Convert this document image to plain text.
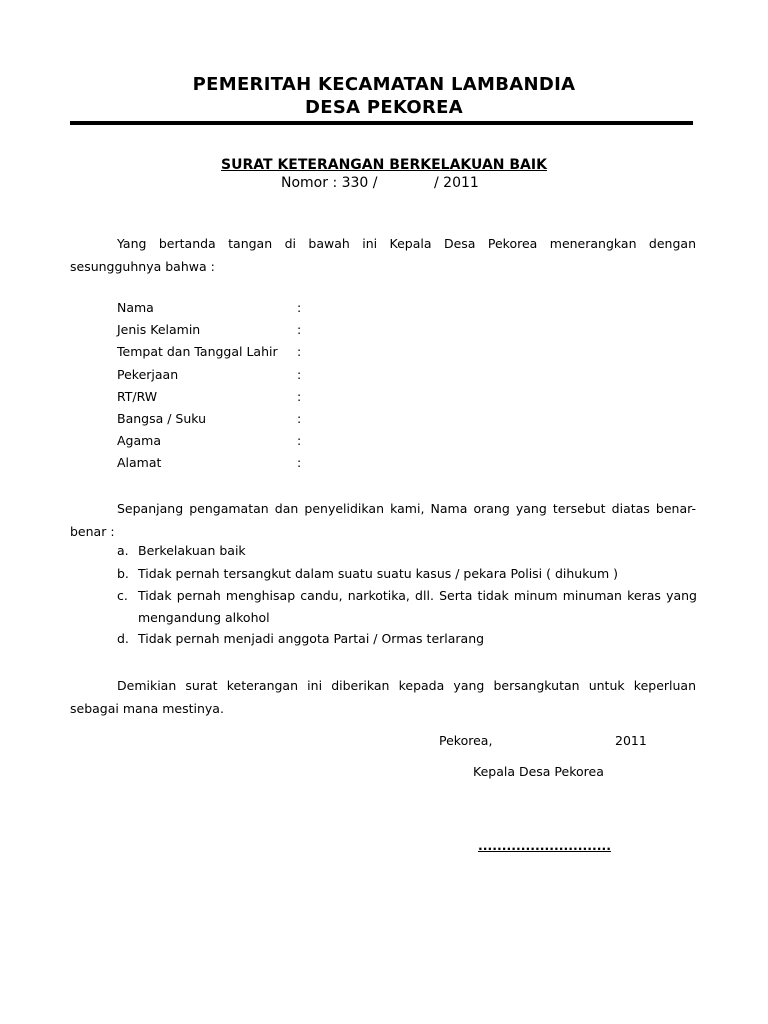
PEMERITAH KECAMATAN LAMBANDIA
DESA PEKOREA
SURAT KETERANGAN BERKELAKUAN BAIK
Nomor : 330 /	/ 2011
Yang bertanda tangan di bawah ini Kepala Desa Pekorea menerangkan dengan sesungguhnya bahwa :
Nama	:
Jenis Kelamin	:
Tempat dan Tanggal Lahir :
Pekerjaan	:
RT/RW	:
Bangsa / Suku	:
Agama	:
Alamat	:
Sepanjang pengamatan dan penyelidikan kami, Nama orang yang tersebut diatas benar-benar :
a. Berkelakuan baik
b. Tidak pernah tersangkut dalam suatu suatu kasus / pekara Polisi ( dihukum )
c. Tidak pernah menghisap candu, narkotika, dll. Serta tidak minum minuman keras yang mengandung alkohol
d. Tidak pernah menjadi anggota Partai / Ormas terlarang
Demikian surat keterangan ini diberikan kepada yang bersangkutan untuk keperluan sebagai mana mestinya.
Pekorea,	2011
Kepala Desa Pekorea
............................
